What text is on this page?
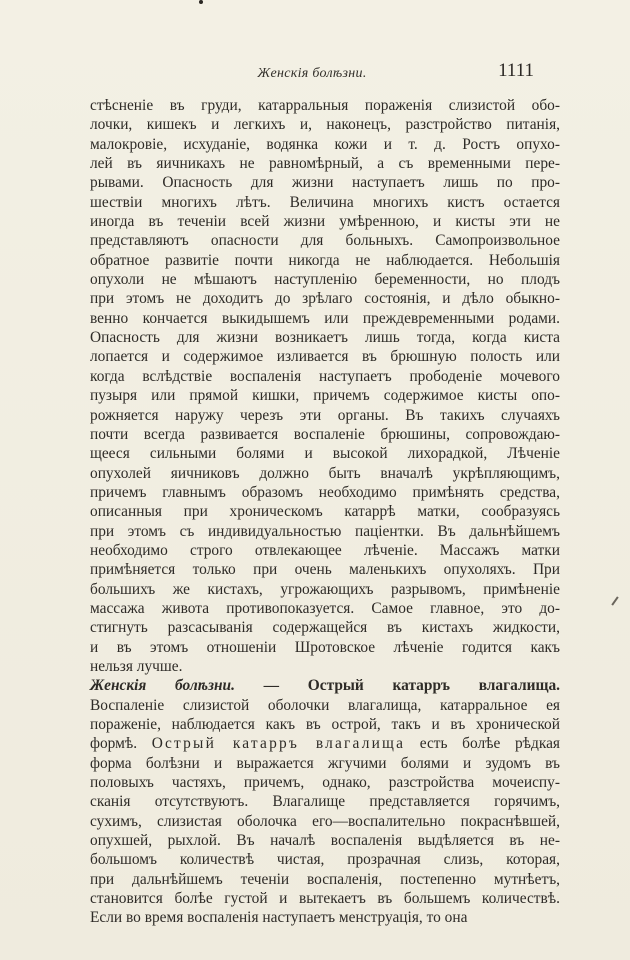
Женскія болѣзни.	1111
стѣсненіе въ груди, катарральныя пораженія слизистой обо-
лочки, кишекъ и легкихъ и, наконецъ, разстройство питанія,
малокровіе, исхуданіе, водянка кожи и т. д. Ростъ опухо-
лей въ яичникахъ не равномѣрный, а съ временными пере-
рывами. Опасность для жизни наступаетъ лишь по про-
шествіи многихъ лѣтъ. Величина многихъ кистъ остается
иногда въ теченіи всей жизни умѣренною, и кисты эти не
представляютъ опасности для больныхъ. Самопроизвольное
обратное развитіе почти никогда не наблюдается. Небольшія
опухоли не мѣшаютъ наступленію беременности, но плодъ
при этомъ не доходитъ до зрѣлаго состоянія, и дѣло обыкно-
венно кончается выкидышемъ или преждевременными родами.
Опасность для жизни возникаетъ лишь тогда, когда киста
лопается и содержимое изливается въ брюшную полость или
когда вслѣдствіе воспаленія наступаетъ прободеніе мочевого
пузыря или прямой кишки, причемъ содержимое кисты опо-
рожняется наружу черезъ эти органы. Въ такихъ случаяхъ
почти всегда развивается воспаленіе брюшины, сопровождаю-
щееся сильными болями и высокой лихорадкой, Лѣченіе
опухолей яичниковъ должно быть вначалѣ укрѣпляющимъ,
причемъ главнымъ образомъ необходимо примѣнять средства,
описанныя при хроническомъ катаррѣ матки, сообразуясь
при этомъ съ индивидуальностью паціентки. Въ дальнѣйшемъ
необходимо строго отвлекающее лѣченіе. Массажъ матки
примѣняется только при очень маленькихъ опухоляхъ. При
большихъ же кистахъ, угрожающихъ разрывомъ, примѣненіе
массажа живота противопоказуется. Самое главное, это до-
стигнуть разсасыванія содержащейся въ кистахъ жидкости,
и въ этомъ отношеніи Шротовское лѣченіе годится какъ
нельзя лучше.
Женскія болѣзни. — Острый катарръ влагалища.
Воспаленіе слизистой оболочки влагалища, катарральное ея
пораженіе, наблюдается какъ въ острой, такъ и въ хронической
формѣ. Острый катарръ влагалища есть болѣе рѣдкая
форма болѣзни и выражается жгучими болями и зудомъ въ
половыхъ частяхъ, причемъ, однако, разстройства мочеиспу-
сканія отсутствуютъ. Влагалище представляется горячимъ,
сухимъ, слизистая оболочка его—воспалительно покраснѣвшей,
опухшей, рыхлой. Въ началѣ воспаленія выдѣляется въ не-
большомъ количествѣ чистая, прозрачная слизь, которая,
при дальнѣйшемъ теченіи воспаленія, постепенно мутнѣетъ,
становится болѣе густой и вытекаетъ въ большемъ количествѣ.
Если во время воспаленія наступаетъ менструація, то она
